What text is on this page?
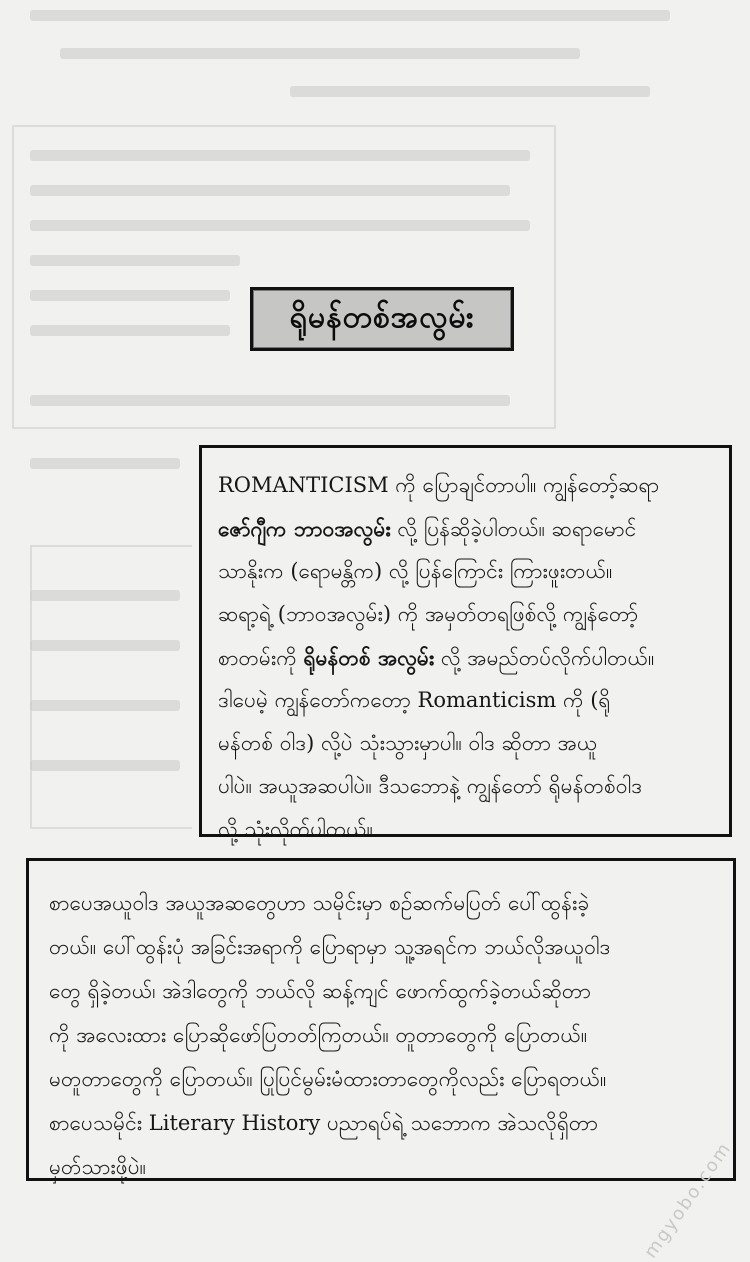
ရိုမန်တစ်အလွမ်း
ROMANTICISM ကို ပြောချင်တာပါ။ ကျွန်တော့်ဆရာ
ဇော်ဂျီက ဘာဝအလွမ်း လို့ ပြန်ဆိုခဲ့ပါတယ်။ ဆရာမောင်
သာနိုးက (ရောမန္တိက) လို့ ပြန်ကြောင်း ကြားဖူးတယ်။
ဆရာ့ရဲ့ (ဘာဝအလွမ်း) ကို အမှတ်တရဖြစ်လို့ ကျွန်တော့်
စာတမ်းကို ရိုမန်တစ် အလွမ်း လို့ အမည်တပ်လိုက်ပါတယ်။
ဒါပေမဲ့ ကျွန်တော်ကတော့ Romanticism ကို (ရို
မန်တစ် ဝါဒ) လို့ပဲ သုံးသွားမှာပါ။ ဝါဒ ဆိုတာ အယူ
ပါပဲ။ အယူအဆပါပဲ။ ဒီသဘောနဲ့ ကျွန်တော် ရိုမန်တစ်ဝါဒ
လို့ သုံးလိုက်ပါတယ်။
စာပေအယူဝါဒ အယူအဆတွေဟာ သမိုင်းမှာ စဉ်ဆက်မပြတ် ပေါ်ထွန်းခဲ့
တယ်။ ပေါ်ထွန်းပုံ အခြင်းအရာကို ပြောရာမှာ သူ့အရင်က ဘယ်လိုအယူဝါဒ
တွေ ရှိခဲ့တယ်၊ အဲဒါတွေကို ဘယ်လို ဆန့်ကျင် ဖောက်ထွက်ခဲ့တယ်ဆိုတာ
ကို အလေးထား ပြောဆိုဖော်ပြတတ်ကြတယ်။ တူတာတွေကို ပြောတယ်။
မတူတာတွေကို ပြောတယ်။ ပြုပြင်မွမ်းမံထားတာတွေကိုလည်း ပြောရတယ်။
စာပေသမိုင်း Literary History ပညာရပ်ရဲ့ သဘောက အဲသလိုရှိတာ
မှတ်သားဖို့ပဲ။	mgyobo.com
